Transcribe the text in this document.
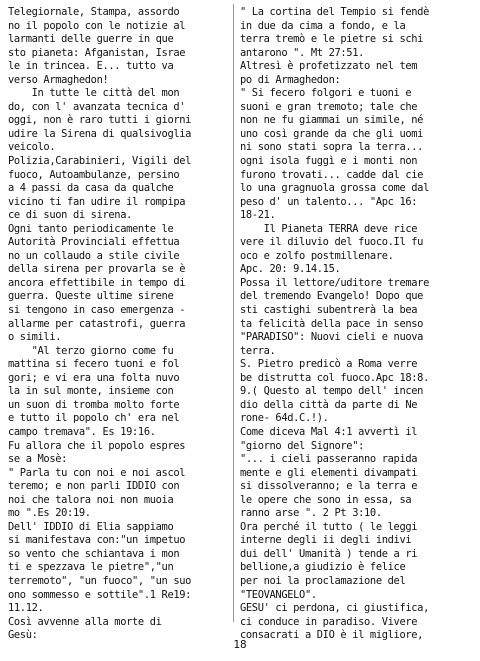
Telegiornale, Stampa, assordo
no il popolo con le notizie al
larmanti delle guerre in que
sto pianeta: Afganistan, Israe
le in trincea. E... tutto va
verso Armaghedon!
In tutte le città del mon
do, con l' avanzata tecnica d'
oggi, non è raro tutti i giorni
udire la Sirena di qualsivoglia
veicolo.
Polizia,Carabinieri, Vigili del
fuoco, Autoambulanze, persino
a 4 passi da casa da qualche
vicino ti fan udire il rompipa
ce di suon di sirena.
Ogni tanto periodicamente le
Autorità Provinciali effettua
no un collaudo a stile civile
della sirena per provarla se è
ancora effettibile in tempo di
guerra. Queste ultime sirene
si tengono in caso emergenza -
allarme per catastrofi, guerra
o simili.
"Al terzo giorno come fu
mattina si fecero tuoni e fol
gori; e vi era una folta nuvo
la in sul monte, insieme con
un suon di tromba molto forte
e tutto il popolo ch' era nel
campo tremava". Es 19:16.
Fu allora che il popolo espres
se a Mosè:
" Parla tu con noi e noi ascol
teremo; e non parli IDDIO con
noi che talora noi non muoia
mo ".Es 20:19.
Dell' IDDIO di Elia sappiamo
si manifestava con:"un impetuo
so vento che schiantava i mon
ti e spezzava le pietre","un
terremoto", "un fuoco", "un suo
ono sommesso e sottile".1 Re19:
11.12.
Così avvenne alla morte di
Gesù:
" La cortina del Tempio si fendè
in due da cima a fondo, e la
terra tremò e le pietre si schi
antarono ". Mt 27:51.
Altresì è profetizzato nel tem
po di Armaghedon:
" Si fecero folgori e tuoni e
suoni e gran tremoto; tale che
non ne fu giammai un simile, né
uno così grande da che gli uomi
ni sono stati sopra la terra...
ogni isola fuggì e i monti non
furono trovati... cadde dal cie
lo una gragnuola grossa come dal
peso d' un talento... "Apc 16:
18-21.
Il Pianeta TERRA deve rice
vere il diluvio del fuoco.Il fu
oco e zolfo postmillenare.
Apc. 20: 9.14.15.
Possa il lettore/uditore tremare
del tremendo Evangelo! Dopo que
sti castighi subentrerà la bea
ta felicità della pace in senso
"PARADISO": Nuovi cieli e nuova
terra.
S. Pietro predicò a Roma verre
be distrutta col fuoco.Apc 18:8.
9.( Questo al tempo dell' incen
dio della città da parte di Ne
rone- 64d.C.!).
Come diceva Mal 4:1 avvertì il
"giorno del Signore":
"... i cieli passeranno rapida
mente e gli elementi divampati
si dissolveranno; e la terra e
le opere che sono in essa, sa
ranno arse ". 2 Pt 3:10.
Ora perché il tutto ( le leggi
interne degli ii degli indivi
dui dell' Umanità ) tende a ri
bellione,a giudizio è felice
per noi la proclamazione del
"TEOVANGELO".
GESU' ci perdona, ci giustifica,
ci conduce in paradiso. Vivere
consacrati a DIO è il migliore,
18
